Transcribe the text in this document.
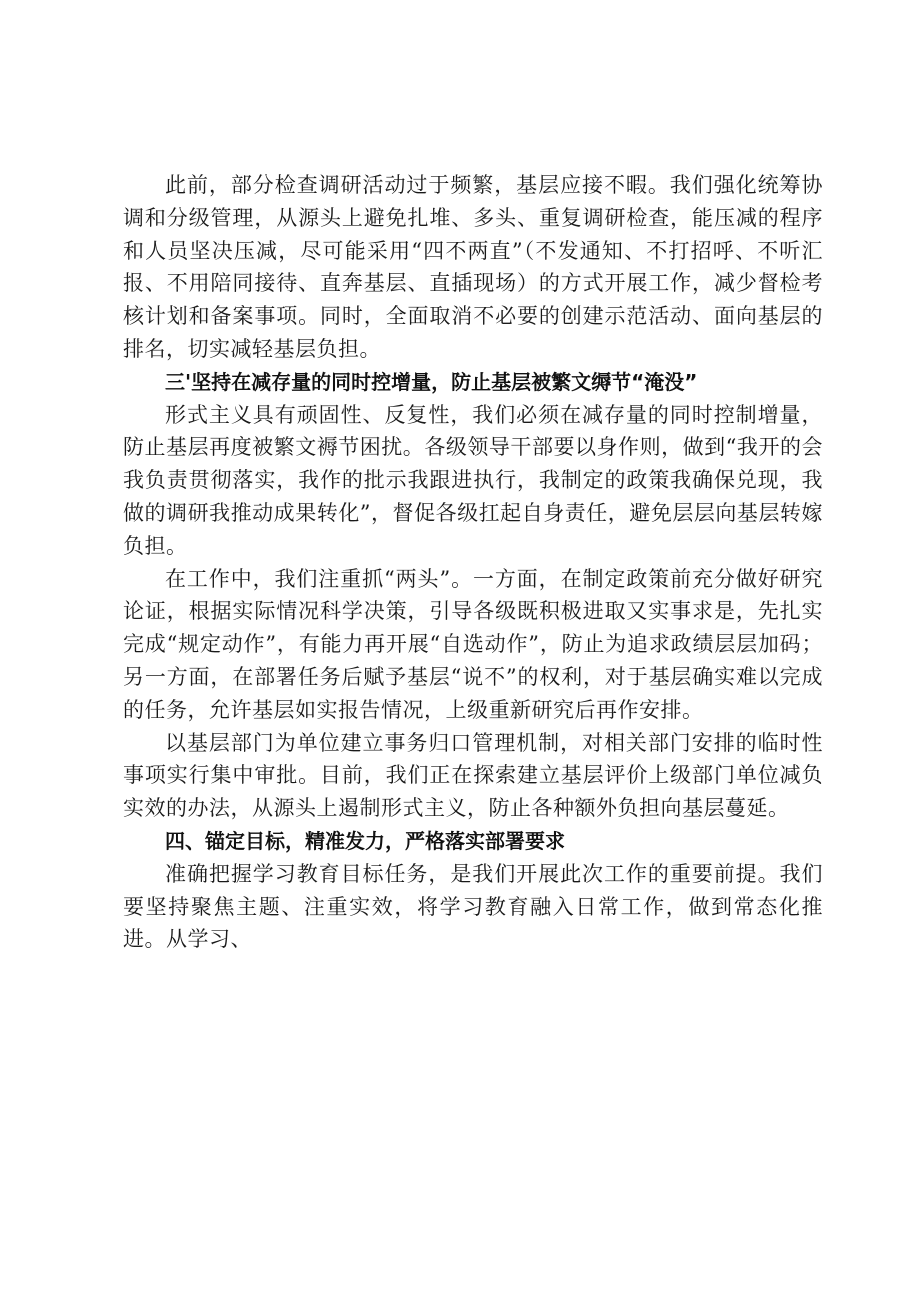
此前，部分检查调研活动过于频繁，基层应接不暇。我们强化统筹协调和分级管理，从源头上避免扎堆、多头、重复调研检查，能压减的程序和人员坚决压减，尽可能采用“四不两直”（不发通知、不打招呼、不听汇报、不用陪同接待、直奔基层、直插现场）的方式开展工作，减少督检考核计划和备案事项。同时，全面取消不必要的创建示范活动、面向基层的排名，切实减轻基层负担。

三'坚持在减存量的同时控增量，防止基层被繁文缛节“淹没”

形式主义具有顽固性、反复性，我们必须在减存量的同时控制增量，防止基层再度被繁文褥节困扰。各级领导干部要以身作则，做到“我开的会我负责贯彻落实，我作的批示我跟进执行，我制定的政策我确保兑现，我做的调研我推动成果转化”，督促各级扛起自身责任，避免层层向基层转嫁负担。

在工作中，我们注重抓“两头”。一方面，在制定政策前充分做好研究论证，根据实际情况科学决策，引导各级既积极进取又实事求是，先扎实完成“规定动作”，有能力再开展“自选动作”，防止为追求政绩层层加码；另一方面，在部署任务后赋予基层“说不”的权利，对于基层确实难以完成的任务，允许基层如实报告情况，上级重新研究后再作安排。

以基层部门为单位建立事务归口管理机制，对相关部门安排的临时性事项实行集中审批。目前，我们正在探索建立基层评价上级部门单位减负实效的办法，从源头上遏制形式主义，防止各种额外负担向基层蔓延。

四、锚定目标，精准发力，严格落实部署要求

准确把握学习教育目标任务，是我们开展此次工作的重要前提。我们要坚持聚焦主题、注重实效，将学习教育融入日常工作，做到常态化推进。从学习、
